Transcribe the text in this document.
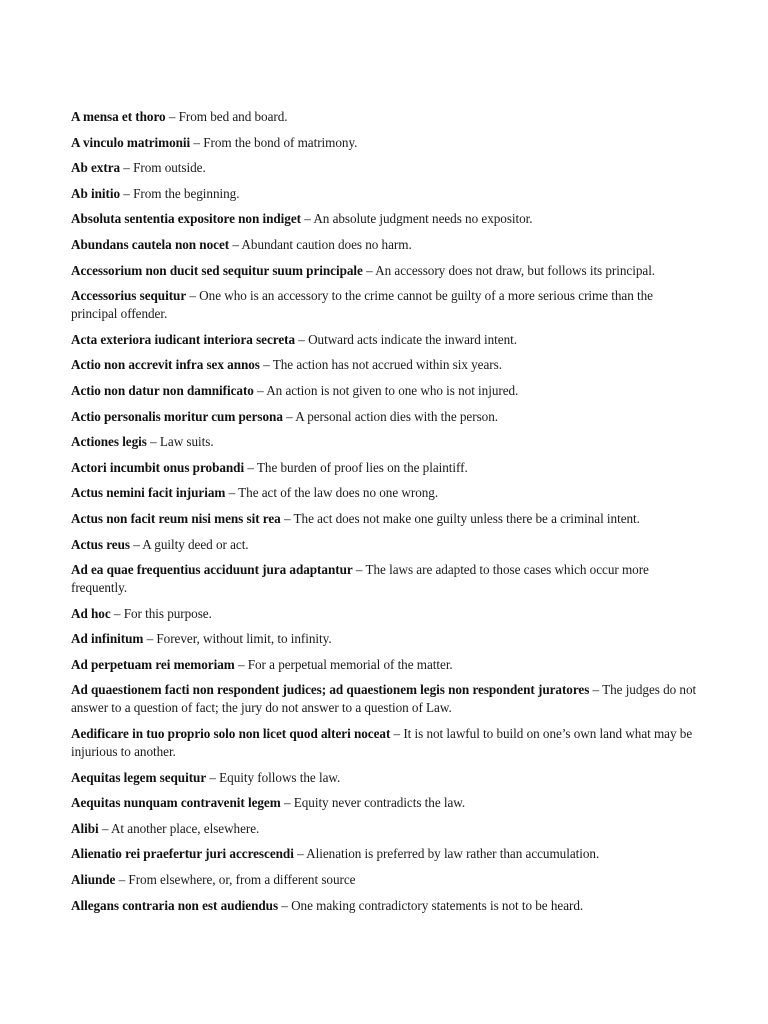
A mensa et thoro – From bed and board.

A vinculo matrimonii – From the bond of matrimony.

Ab extra – From outside.

Ab initio – From the beginning.

Absoluta sententia expositore non indiget – An absolute judgment needs no expositor.

Abundans cautela non nocet – Abundant caution does no harm.

Accessorium non ducit sed sequitur suum principale – An accessory does not draw, but follows its principal.

Accessorius sequitur – One who is an accessory to the crime cannot be guilty of a more serious crime than the principal offender.

Acta exteriora iudicant interiora secreta – Outward acts indicate the inward intent.

Actio non accrevit infra sex annos – The action has not accrued within six years.

Actio non datur non damnificato – An action is not given to one who is not injured.

Actio personalis moritur cum persona – A personal action dies with the person.

Actiones legis – Law suits.

Actori incumbit onus probandi – The burden of proof lies on the plaintiff.

Actus nemini facit injuriam – The act of the law does no one wrong.

Actus non facit reum nisi mens sit rea – The act does not make one guilty unless there be a criminal intent.

Actus reus – A guilty deed or act.

Ad ea quae frequentius acciduunt jura adaptantur – The laws are adapted to those cases which occur more frequently.

Ad hoc – For this purpose.

Ad infinitum – Forever, without limit, to infinity.

Ad perpetuam rei memoriam – For a perpetual memorial of the matter.

Ad quaestionem facti non respondent judices; ad quaestionem legis non respondent juratores – The judges do not answer to a question of fact; the jury do not answer to a question of Law.

Aedificare in tuo proprio solo non licet quod alteri noceat – It is not lawful to build on one’s own land what may be injurious to another.

Aequitas legem sequitur – Equity follows the law.

Aequitas nunquam contravenit legem – Equity never contradicts the law.

Alibi – At another place, elsewhere.

Alienatio rei praefertur juri accrescendi – Alienation is preferred by law rather than accumulation.

Aliunde – From elsewhere, or, from a different source

Allegans contraria non est audiendus – One making contradictory statements is not to be heard.
